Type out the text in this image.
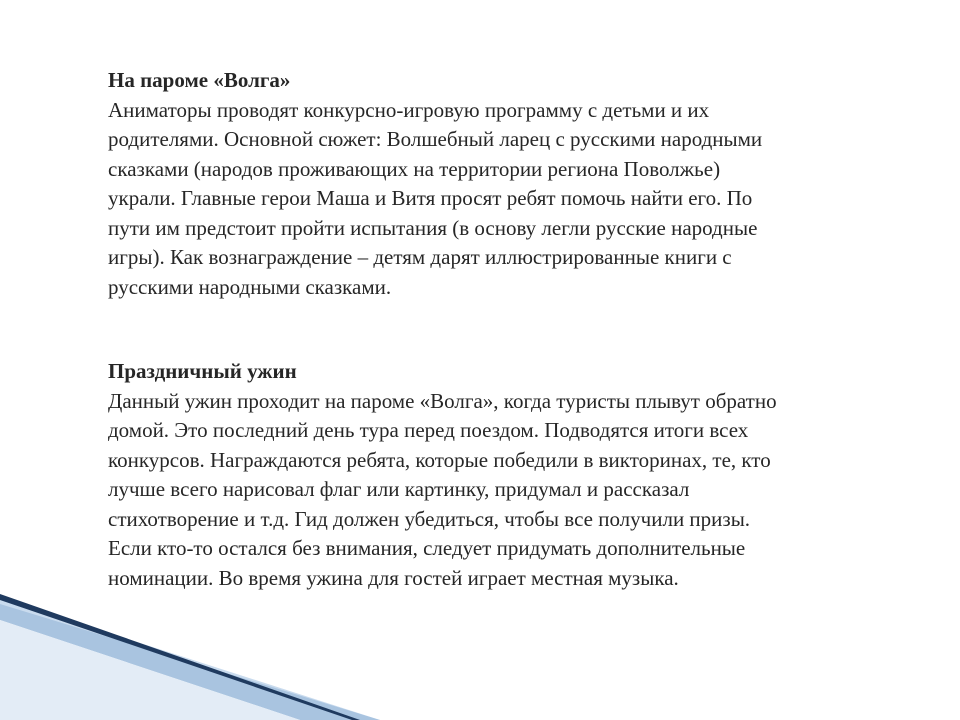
На пароме «Волга»

Аниматоры проводят конкурсно-игровую программу с детьми и их
родителями. Основной сюжет: Волшебный ларец с русскими народными
сказками (народов проживающих на территории региона Поволжье)
украли. Главные герои Маша и Витя просят ребят помочь найти его. По
пути им предстоит пройти испытания (в основу легли русские народные
игры). Как вознаграждение – детям дарят иллюстрированные книги с
русскими народными сказками.

Праздничный ужин

Данный ужин проходит на пароме «Волга», когда туристы плывут обратно
домой. Это последний день тура перед поездом. Подводятся итоги всех
конкурсов. Награждаются ребята, которые победили в викторинах, те, кто
лучше всего нарисовал флаг или картинку, придумал и рассказал
стихотворение и т.д. Гид должен убедиться, чтобы все получили призы.
Если кто-то остался без внимания, следует придумать дополнительные
номинации. Во время ужина для гостей играет местная музыка.
